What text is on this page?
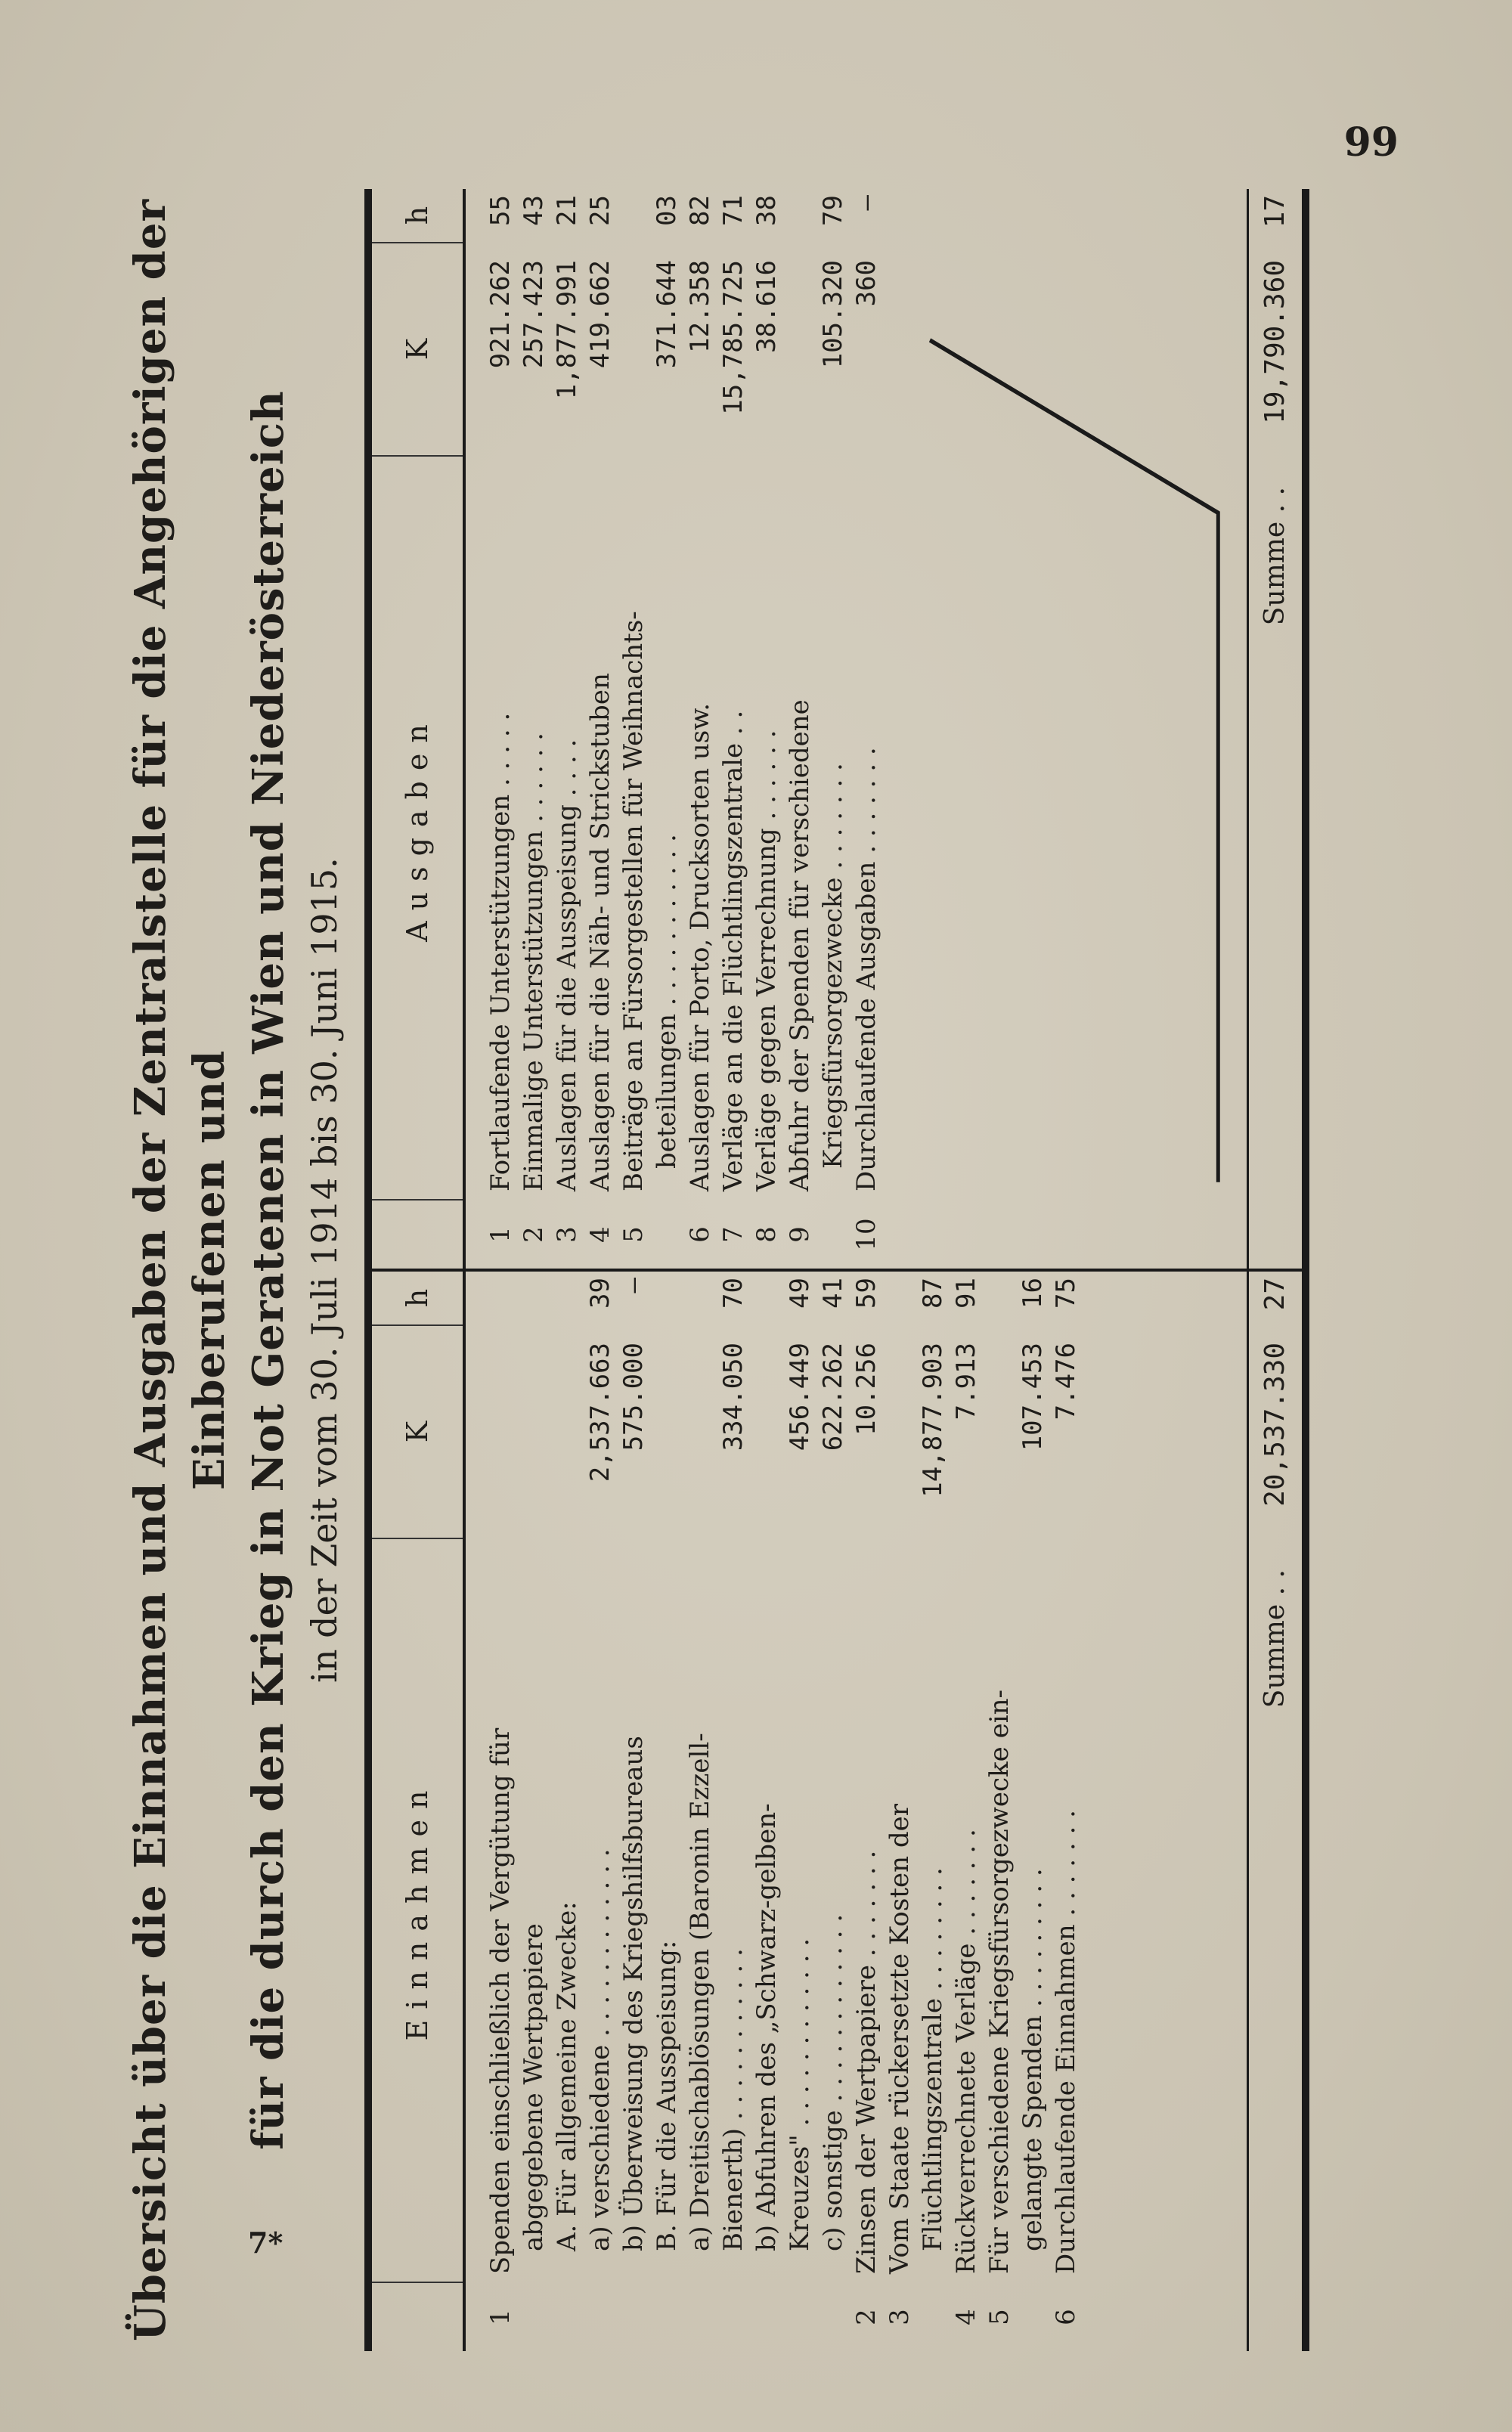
99
7*
Übersicht über die Einnahmen und Ausgaben der Zentralstelle für die Angehörigen der Einberufenen und für die durch den Krieg in Not Geratenen in Wien und Niederösterreich in der Zeit vom 30. Juli 1914 bis 30. Juni 1915.
Einnahmen
K
h
1
Spenden einschließlich der Vergütung für abgegebene Wertpapiere A. Für allgemeine Zwecke: a) verschiedene . . . . . . . . . . . .
2,537.663
39
b) Überweisung des Kriegshilfsbureaus
575.000
—
B. Für die Ausspeisung: a) Dreitischablösungen (Baronin Ezzell- Bienerth) . . . . . . . . . . .
334.050
70
b) Abfuhren des „Schwarz-gelben- Kreuzes" . . . . . . . . . . . .
456.449
49
c) sonstige . . . . . . . . . . . .
622.262
41
2
Zinsen der Wertpapiere . . . . . . .
10.256
59
3
Vom Staate rückersetzte Kosten der Flüchtlingszentrale . . . . . . . .
14,877.903
87
4
Rückverrechnete Verläge . . . . . . .
7.913
91
5
Für verschiedene Kriegsfürsorgezwecke ein- gelangte Spenden . . . . . . . . .
107.453
16
6
Durchlaufende Einnahmen . . . . . . .
7.476
75
Summe . .
20,537.330
27
Ausgaben
K
h
1
Fortlaufende Unterstützungen . . . . .
921.262
55
2
Einmalige Unterstützungen . . . . . .
257.423
43
3
Auslagen für die Ausspeisung . . . .
1,877.991
21
4
Auslagen für die Näh- und Strickstuben
419.662
25
5
Beiträge an Fürsorgestellen für Weihnachts- beteilungen . . . . . . . . . . .
371.644
03
6
Auslagen für Porto, Drucksorten usw.
12.358
82
7
Verläge an die Flüchtlingszentrale . .
15,785.725
71
8
Verläge gegen Verrechnung . . . . . .
38.616
38
9
Abfuhr der Spenden für verschiedene Kriegsfürsorgezwecke . . . . . . .
105.320
79
10
Durchlaufende Ausgaben . . . . . . .
360
—
Summe . .
19,790.360
17
